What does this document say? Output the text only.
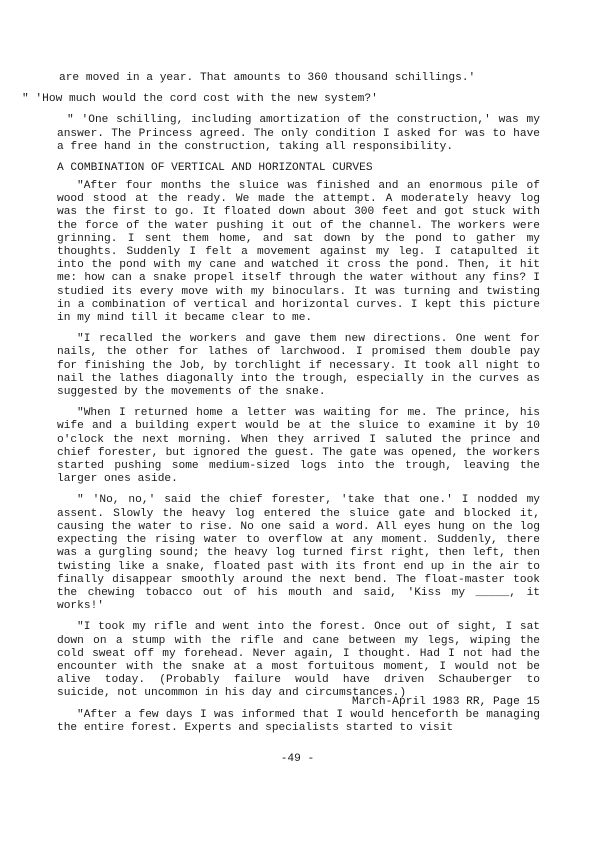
are moved in a year. That amounts to 360 thousand schillings.'

" 'How much would the cord cost with the new system?'

" 'One schilling, including amortization of the construction,' was my answer. The Princess agreed. The only condition I asked for was to have a free hand in the construction, taking all responsibility.

A COMBINATION OF VERTICAL AND HORIZONTAL CURVES

"After four months the sluice was finished and an enormous pile of wood stood at the ready. We made the attempt. A moderately heavy log was the first to go. It floated down about 300 feet and got stuck with the force of the water pushing it out of the channel. The workers were grinning. I sent them home, and sat down by the pond to gather my thoughts. Suddenly I felt a movement against my leg. I catapulted it into the pond with my cane and watched it cross the pond. Then, it hit me: how can a snake propel itself through the water without any fins? I studied its every move with my binoculars. It was turning and twisting in a combination of vertical and horizontal curves. I kept this picture in my mind till it became clear to me.

"I recalled the workers and gave them new directions. One went for nails, the other for lathes of larchwood. I promised them double pay for finishing the Job, by torchlight if necessary. It took all night to nail the lathes diagonally into the trough, especially in the curves as suggested by the movements of the snake.

"When I returned home a letter was waiting for me. The prince, his wife and a building expert would be at the sluice to examine it by 10 o'clock the next morning. When they arrived I saluted the prince and chief forester, but ignored the guest. The gate was opened, the workers started pushing some medium-sized logs into the trough, leaving the larger ones aside.

" 'No, no,' said the chief forester, 'take that one.' I nodded my assent. Slowly the heavy log entered the sluice gate and blocked it, causing the water to rise. No one said a word. All eyes hung on the log expecting the rising water to overflow at any moment. Suddenly, there was a gurgling sound; the heavy log turned first right, then left, then twisting like a snake, floated past with its front end up in the air to finally disappear smoothly around the next bend. The float-master took the chewing tobacco out of his mouth and said, 'Kiss my _____, it works!'

"I took my rifle and went into the forest. Once out of sight, I sat down on a stump with the rifle and cane between my legs, wiping the cold sweat off my forehead. Never again, I thought. Had I not had the encounter with the snake at a most fortuitous moment, I would not be alive today. (Probably failure would have driven Schauberger to suicide, not uncommon in his day and circumstances.)

"After a few days I was informed that I would henceforth be managing the entire forest. Experts and specialists started to visit

March-April 1983 RR, Page 15
-49 -
